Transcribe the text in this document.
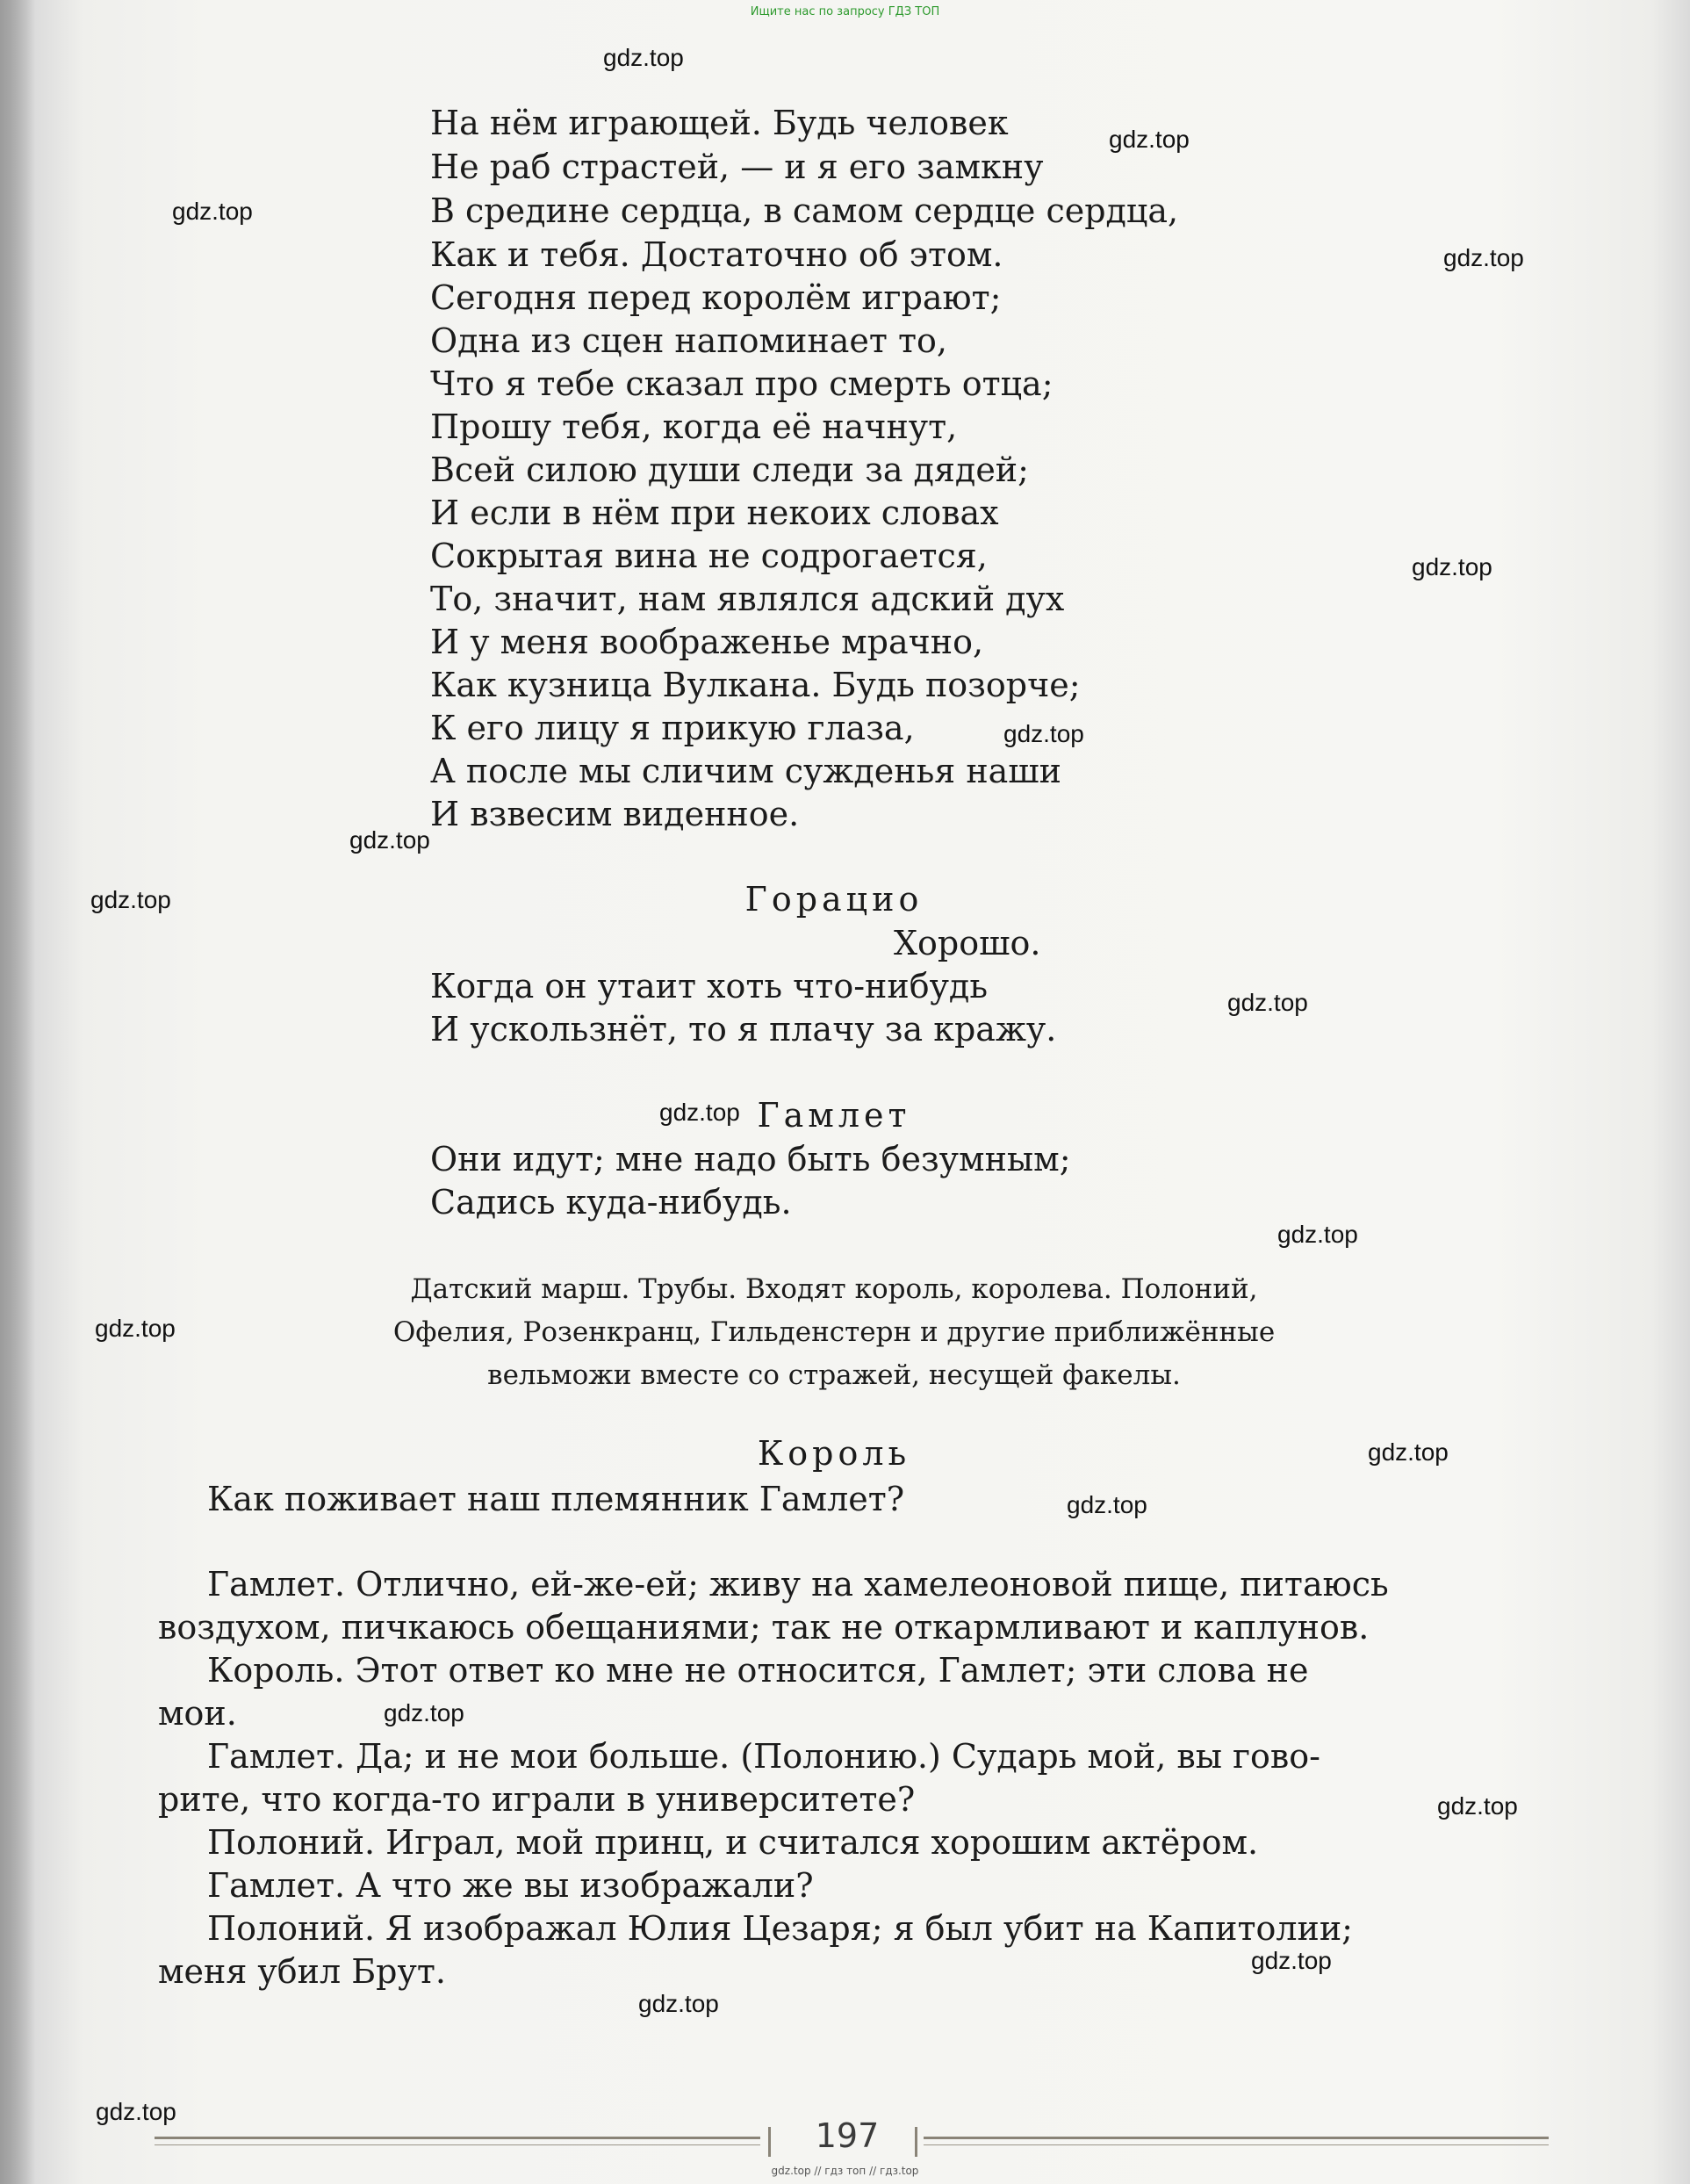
Ищите нас по запросу ГДЗ ТОП
На нём играющей. Будь человек
Не раб страстей, — и я его замкну
В средине сердца, в самом сердце сердца,
Как и тебя. Достаточно об этом.
Сегодня перед королём играют;
Одна из сцен напоминает то,
Что я тебе сказал про смерть отца;
Прошу тебя, когда её начнут,
Всей силою души следи за дядей;
И если в нём при некоих словах
Сокрытая вина не содрогается,
То, значит, нам являлся адский дух
И у меня воображенье мрачно,
Как кузница Вулкана. Будь позорче;
К его лицу я прикую глаза,
А после мы сличим сужденья наши
И взвесим виденное.
Горацио
Хорошо.
Когда он утаит хоть что-нибудь
И ускользнёт, то я плачу за кражу.
Гамлет
Они идут; мне надо быть безумным;
Садись куда-нибудь.
Датский марш. Трубы. Входят король, королева. Полоний,
Офелия, Розенкранц, Гильденстерн и другие приближённые
вельможи вместе со стражей, несущей факелы.
Король
Как поживает наш племянник Гамлет?
Гамлет. Отлично, ей-же-ей; живу на хамелеоновой пище, питаюсь
воздухом, пичкаюсь обещаниями; так не откармливают и каплунов.
Король. Этот ответ ко мне не относится, Гамлет; эти слова не
мои.
Гамлет. Да; и не мои больше. (Полонию.) Сударь мой, вы гово-
рите, что когда-то играли в университете?
Полоний. Играл, мой принц, и считался хорошим актёром.
Гамлет. А что же вы изображали?
Полоний. Я изображал Юлия Цезаря; я был убит на Капитолии;
меня убил Брут.
197
gdz.top
gdz.top
gdz.top
gdz.top
gdz.top
gdz.top
gdz.top
gdz.top
gdz.top
gdz.top
gdz.top
gdz.top
gdz.top
gdz.top
gdz.top
gdz.top
gdz.top
gdz.top
gdz.top
gdz.top // гдз топ // гдз.top
